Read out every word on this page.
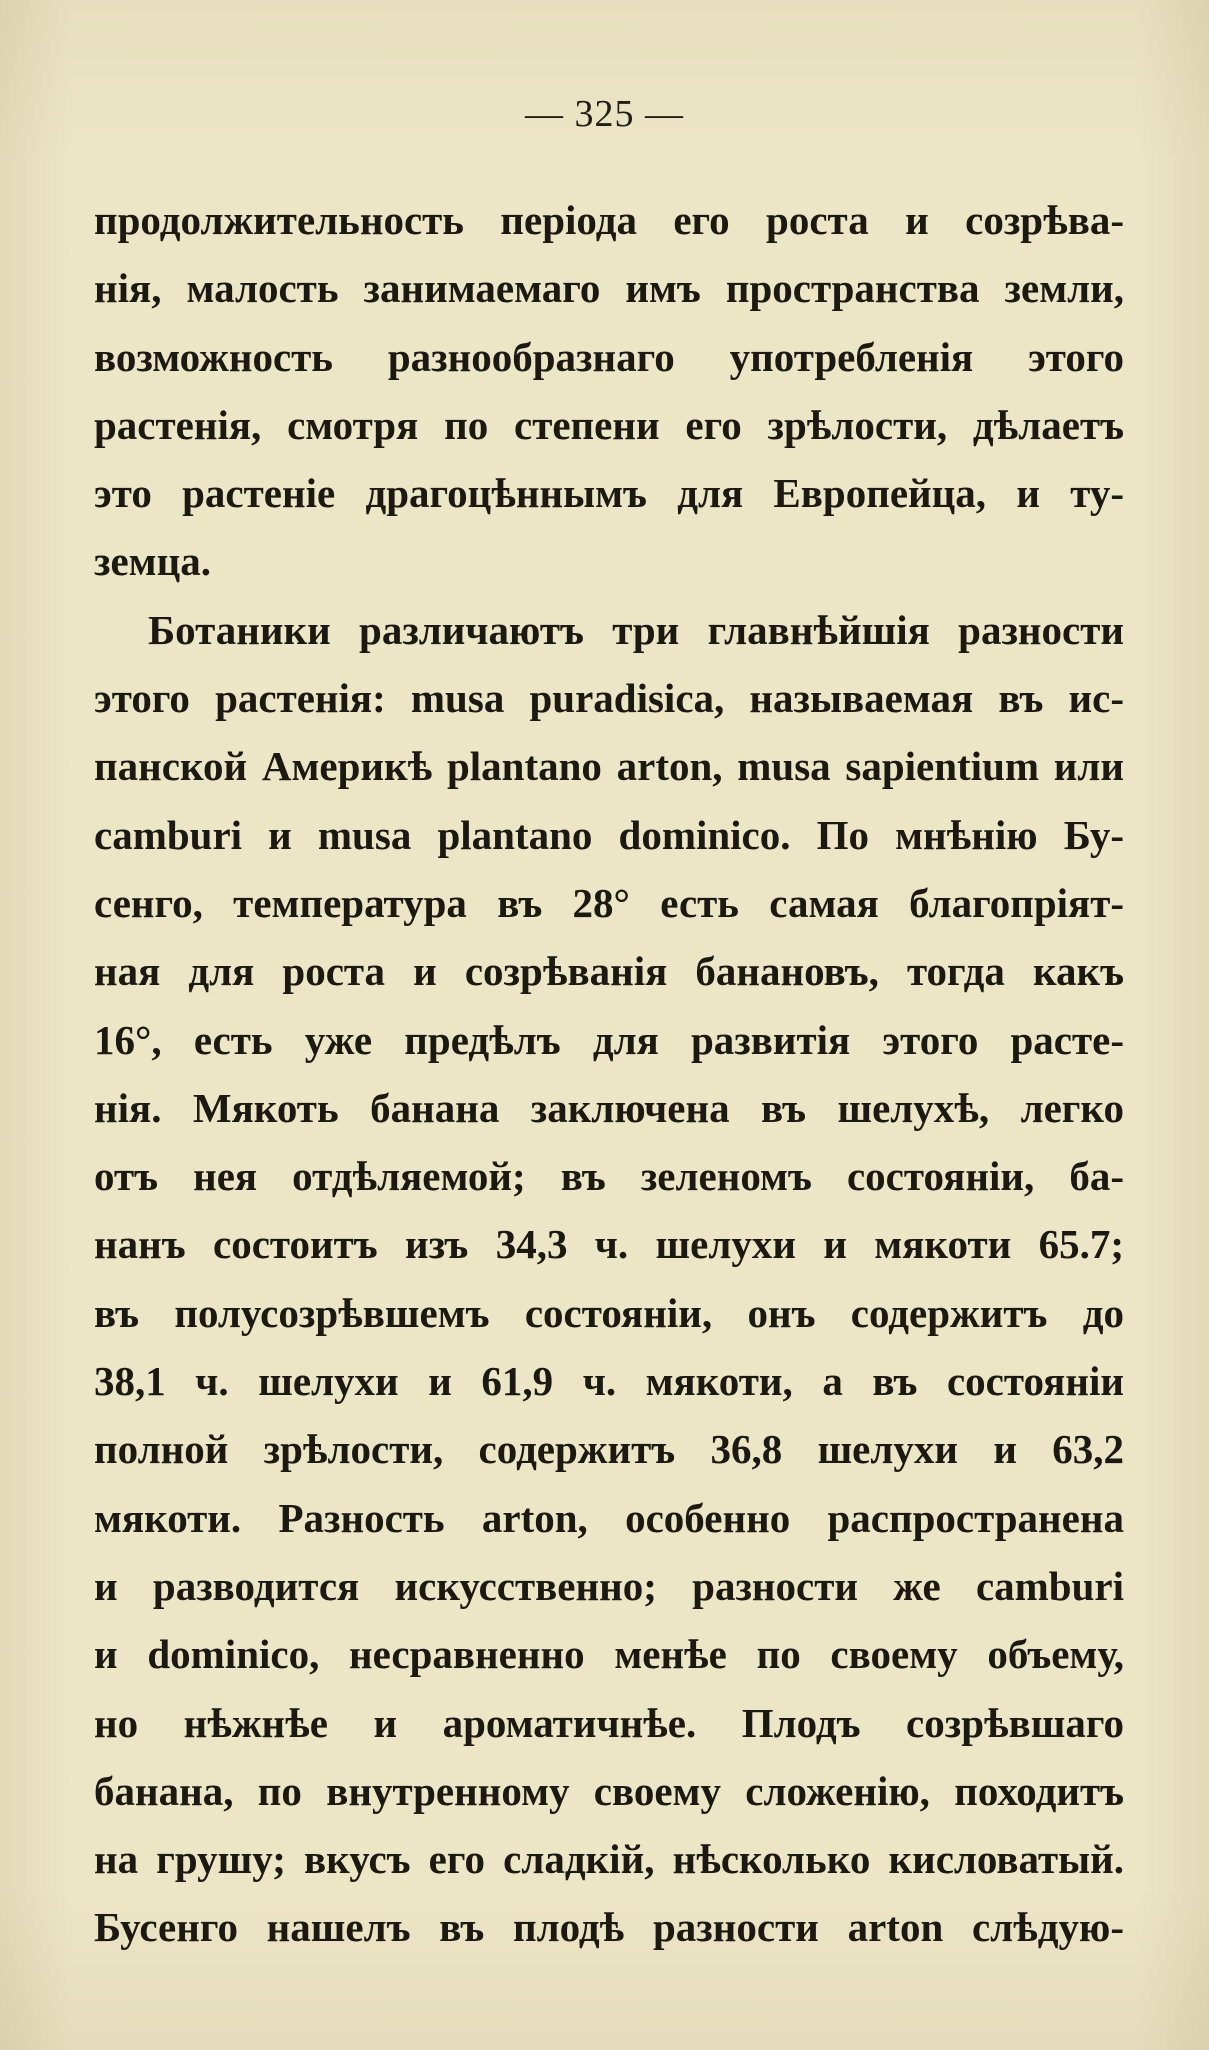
— 325 —
продолжительность періода его роста и созрѣва-
нія, малость занимаемаго имъ пространства земли,
возможность разнообразнаго употребленія этого
растенія, смотря по степени его зрѣлости, дѣлаетъ
это растеніе драгоцѣннымъ для Европейца, и ту-
земца.
Ботаники различаютъ три главнѣйшія разности
этого растенія: musa puradisica, называемая въ ис-
панской Америкѣ plantano arton, musa sapientium или
camburi и musa plantano dominico. По мнѣнію Бу-
сенго, температура въ 28° есть самая благопріят-
ная для роста и созрѣванія банановъ, тогда какъ
16°, есть уже предѣлъ для развитія этого расте-
нія. Мякоть банана заключена въ шелухѣ, легко
отъ нея отдѣляемой; въ зеленомъ состояніи, ба-
нанъ состоитъ изъ 34,3 ч. шелухи и мякоти 65.7;
въ полусозрѣвшемъ состояніи, онъ содержитъ до
38,1 ч. шелухи и 61,9 ч. мякоти, а въ состояніи
полной зрѣлости, содержитъ 36,8 шелухи и 63,2
мякоти. Разность arton, особенно распространена
и разводится искусственно; разности же camburi
и dominico, несравненно менѣе по своему объему,
но нѣжнѣе и ароматичнѣе. Плодъ созрѣвшаго
банана, по внутренному своему сложенію, походитъ
на грушу; вкусъ его сладкій, нѣсколько кисловатый.
Бусенго нашелъ въ плодѣ разности arton слѣдую-
